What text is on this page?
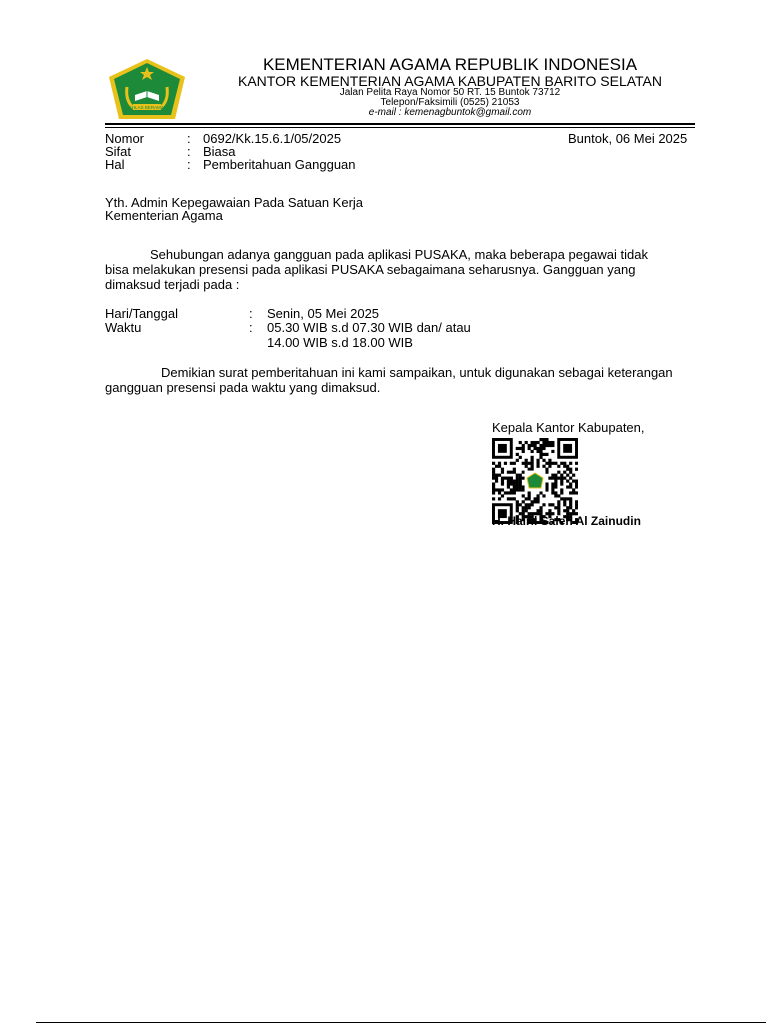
IKHLAS BERAMAL
KEMENTERIAN AGAMA REPUBLIK INDONESIA
KANTOR KEMENTERIAN AGAMA KABUPATEN BARITO SELATAN
Jalan Pelita Raya Nomor 50 RT. 15 Buntok 73712
Telepon/Faksimili (0525) 21053
e-mail : kemenagbuntok@gmail.com
Nomor	: 0692/Kk.15.6.1/05/2025	Buntok, 06 Mei 2025
Sifat	: Biasa
Hal	: Pemberitahuan Gangguan
Yth. Admin Kepegawaian Pada Satuan Kerja
Kementerian Agama
Sehubungan adanya gangguan pada aplikasi PUSAKA, maka beberapa pegawai tidak
bisa melakukan presensi pada aplikasi PUSAKA sebagaimana seharusnya. Gangguan yang
dimaksud terjadi pada :
Hari/Tanggal	: Senin, 05 Mei 2025
Waktu	: 05.30 WIB s.d 07.30 WIB dan/ atau
14.00 WIB s.d 18.00 WIB
Demikian surat pemberitahuan ini kami sampaikan, untuk digunakan sebagai keterangan
gangguan presensi pada waktu yang dimaksud.
Kepala Kantor Kabupaten,
H. Hairil Saleh Al Zainudin
